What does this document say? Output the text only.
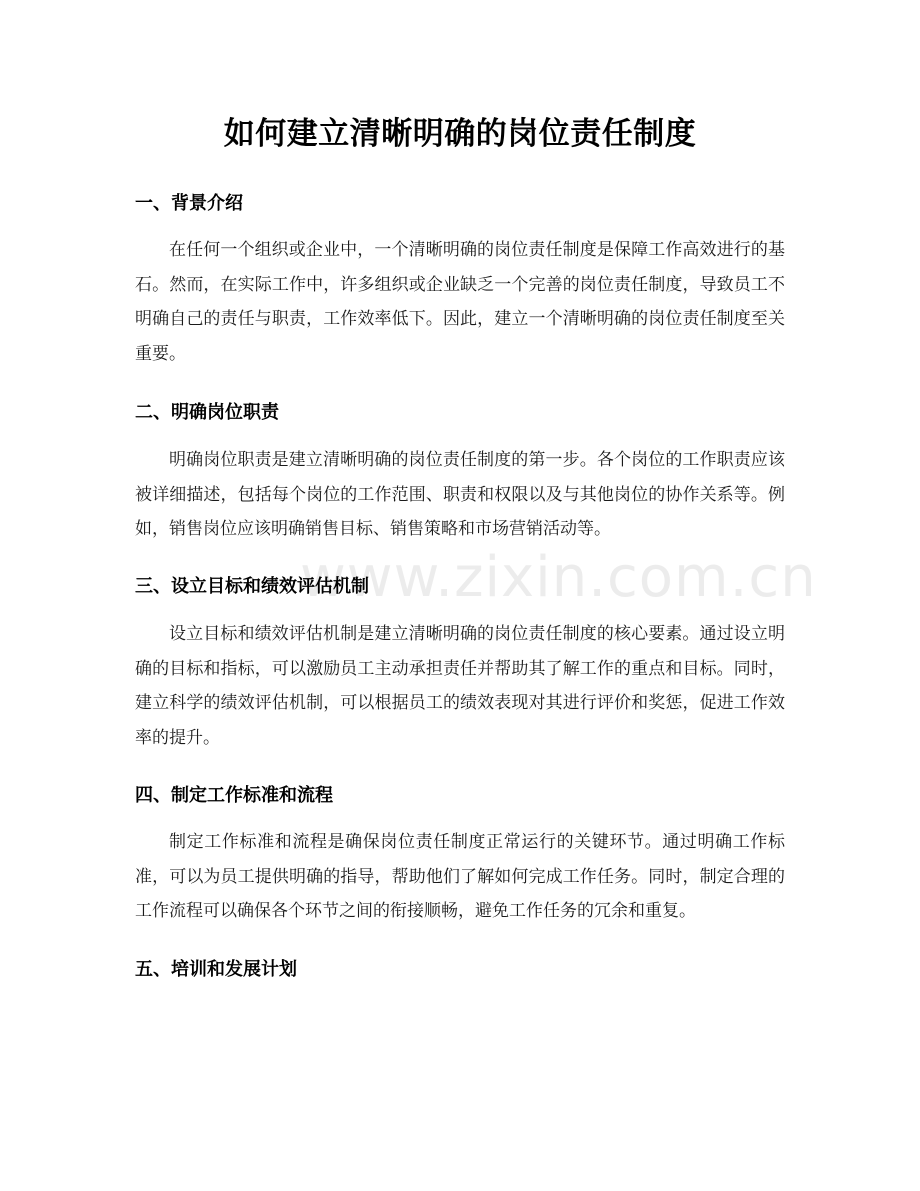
www.zixin.com.cn
如何建立清晰明确的岗位责任制度
一、背景介绍

在任何一个组织或企业中，一个清晰明确的岗位责任制度是保障工作高效进行的基石。然而，在实际工作中，许多组织或企业缺乏一个完善的岗位责任制度，导致员工不明确自己的责任与职责，工作效率低下。因此，建立一个清晰明确的岗位责任制度至关重要。

二、明确岗位职责

明确岗位职责是建立清晰明确的岗位责任制度的第一步。各个岗位的工作职责应该被详细描述，包括每个岗位的工作范围、职责和权限以及与其他岗位的协作关系等。例如，销售岗位应该明确销售目标、销售策略和市场营销活动等。

三、设立目标和绩效评估机制

设立目标和绩效评估机制是建立清晰明确的岗位责任制度的核心要素。通过设立明确的目标和指标，可以激励员工主动承担责任并帮助其了解工作的重点和目标。同时，建立科学的绩效评估机制，可以根据员工的绩效表现对其进行评价和奖惩，促进工作效率的提升。

四、制定工作标准和流程

制定工作标准和流程是确保岗位责任制度正常运行的关键环节。通过明确工作标准，可以为员工提供明确的指导，帮助他们了解如何完成工作任务。同时，制定合理的工作流程可以确保各个环节之间的衔接顺畅，避免工作任务的冗余和重复。

五、培训和发展计划
